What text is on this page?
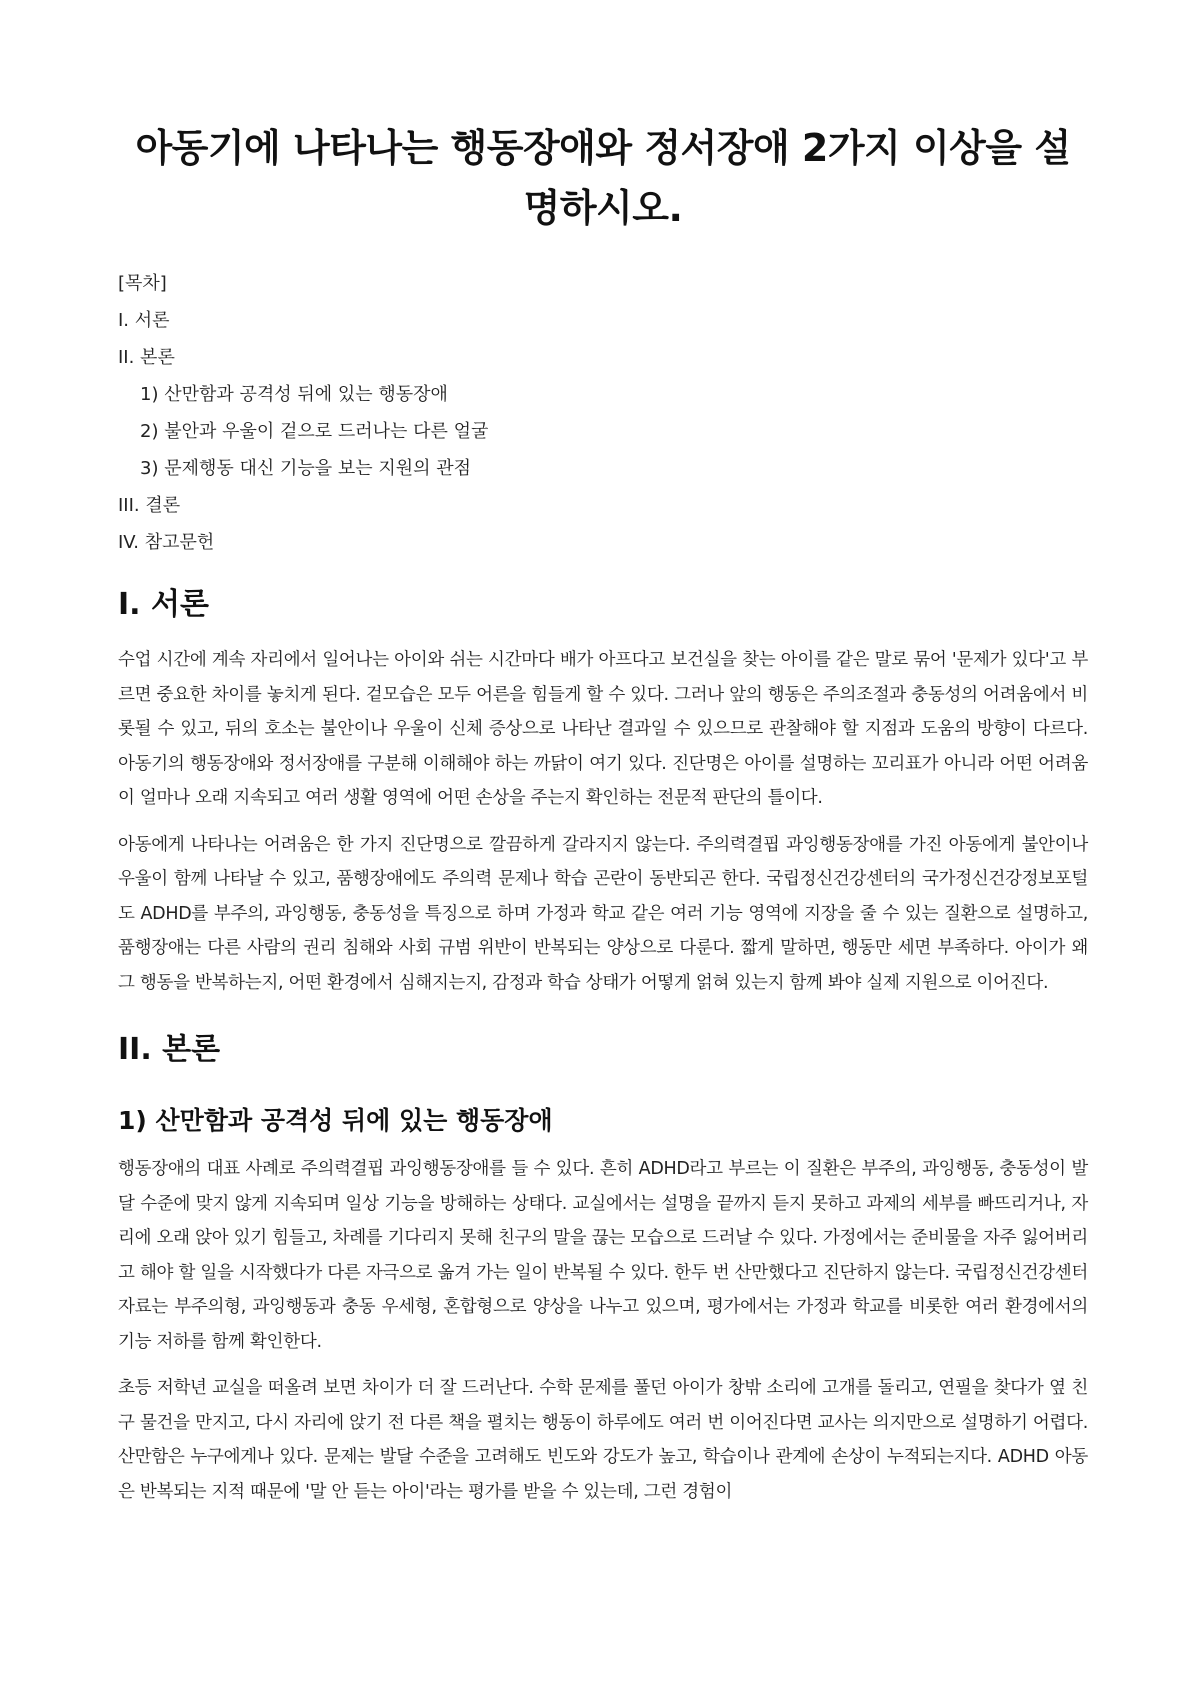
아동기에 나타나는 행동장애와 정서장애 2가지 이상을 설명하시오.
[목차]
I. 서론
II. 본론
1) 산만함과 공격성 뒤에 있는 행동장애
2) 불안과 우울이 겉으로 드러나는 다른 얼굴
3) 문제행동 대신 기능을 보는 지원의 관점
III. 결론
IV. 참고문헌
I. 서론

수업 시간에 계속 자리에서 일어나는 아이와 쉬는 시간마다 배가 아프다고 보건실을 찾는 아이를 같은 말로 묶어 '문제가 있다'고 부르면 중요한 차이를 놓치게 된다. 겉모습은 모두 어른을 힘들게 할 수 있다. 그러나 앞의 행동은 주의조절과 충동성의 어려움에서 비롯될 수 있고, 뒤의 호소는 불안이나 우울이 신체 증상으로 나타난 결과일 수 있으므로 관찰해야 할 지점과 도움의 방향이 다르다. 아동기의 행동장애와 정서장애를 구분해 이해해야 하는 까닭이 여기 있다. 진단명은 아이를 설명하는 꼬리표가 아니라 어떤 어려움이 얼마나 오래 지속되고 여러 생활 영역에 어떤 손상을 주는지 확인하는 전문적 판단의 틀이다.

아동에게 나타나는 어려움은 한 가지 진단명으로 깔끔하게 갈라지지 않는다. 주의력결핍 과잉행동장애를 가진 아동에게 불안이나 우울이 함께 나타날 수 있고, 품행장애에도 주의력 문제나 학습 곤란이 동반되곤 한다. 국립정신건강센터의 국가정신건강정보포털도 ADHD를 부주의, 과잉행동, 충동성을 특징으로 하며 가정과 학교 같은 여러 기능 영역에 지장을 줄 수 있는 질환으로 설명하고, 품행장애는 다른 사람의 권리 침해와 사회 규범 위반이 반복되는 양상으로 다룬다. 짧게 말하면, 행동만 세면 부족하다. 아이가 왜 그 행동을 반복하는지, 어떤 환경에서 심해지는지, 감정과 학습 상태가 어떻게 얽혀 있는지 함께 봐야 실제 지원으로 이어진다.

II. 본론
1) 산만함과 공격성 뒤에 있는 행동장애

행동장애의 대표 사례로 주의력결핍 과잉행동장애를 들 수 있다. 흔히 ADHD라고 부르는 이 질환은 부주의, 과잉행동, 충동성이 발달 수준에 맞지 않게 지속되며 일상 기능을 방해하는 상태다. 교실에서는 설명을 끝까지 듣지 못하고 과제의 세부를 빠뜨리거나, 자리에 오래 앉아 있기 힘들고, 차례를 기다리지 못해 친구의 말을 끊는 모습으로 드러날 수 있다. 가정에서는 준비물을 자주 잃어버리고 해야 할 일을 시작했다가 다른 자극으로 옮겨 가는 일이 반복될 수 있다. 한두 번 산만했다고 진단하지 않는다. 국립정신건강센터 자료는 부주의형, 과잉행동과 충동 우세형, 혼합형으로 양상을 나누고 있으며, 평가에서는 가정과 학교를 비롯한 여러 환경에서의 기능 저하를 함께 확인한다.

초등 저학년 교실을 떠올려 보면 차이가 더 잘 드러난다. 수학 문제를 풀던 아이가 창밖 소리에 고개를 돌리고, 연필을 찾다가 옆 친구 물건을 만지고, 다시 자리에 앉기 전 다른 책을 펼치는 행동이 하루에도 여러 번 이어진다면 교사는 의지만으로 설명하기 어렵다. 산만함은 누구에게나 있다. 문제는 발달 수준을 고려해도 빈도와 강도가 높고, 학습이나 관계에 손상이 누적되는지다. ADHD 아동은 반복되는 지적 때문에 '말 안 듣는 아이'라는 평가를 받을 수 있는데, 그런 경험이
